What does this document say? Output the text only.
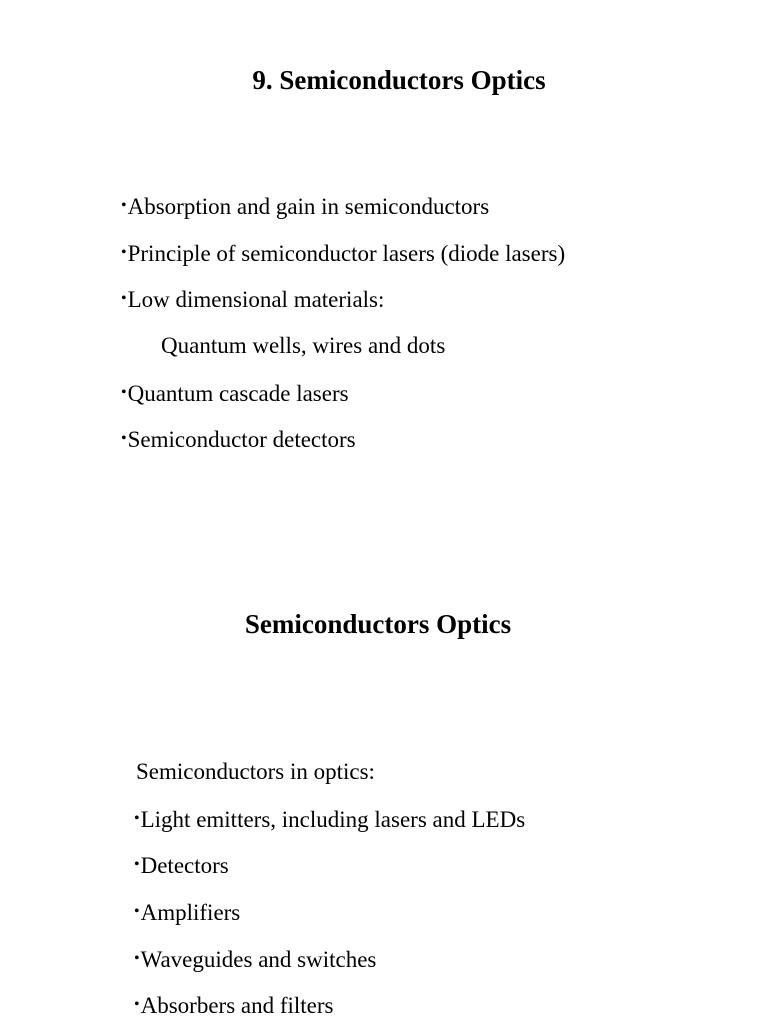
9. Semiconductors Optics
•Absorption and gain in semiconductors
•Principle of semiconductor lasers (diode lasers)
•Low dimensional materials:
Quantum wells, wires and dots
•Quantum cascade lasers
•Semiconductor detectors
Semiconductors Optics
Semiconductors in optics:
•Light emitters, including lasers and LEDs
•Detectors
•Amplifiers
•Waveguides and switches
•Absorbers and filters
